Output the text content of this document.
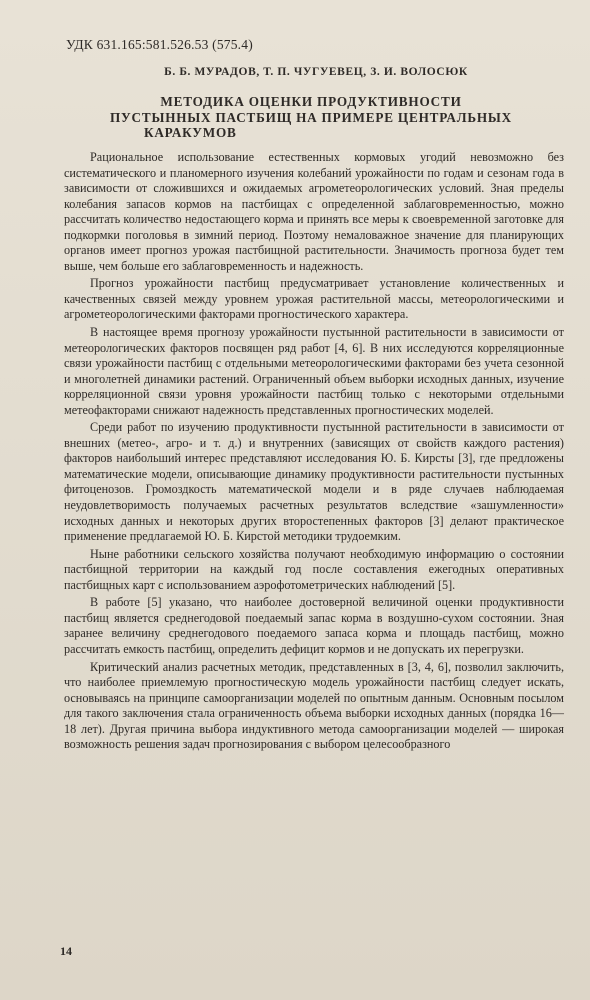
УДК 631.165:581.526.53 (575.4)
Б. Б. МУРАДОВ, Т. П. ЧУГУЕВЕЦ, З. И. ВОЛОСЮК
МЕТОДИКА ОЦЕНКИ ПРОДУКТИВНОСТИ
ПУСТЫННЫХ ПАСТБИЩ НА ПРИМЕРЕ ЦЕНТРАЛЬНЫХ
КАРАКУМОВ

Рациональное использование естественных кормовых угодий невозможно без систематического и планомерного изучения колебаний урожайности по годам и сезонам года в зависимости от сложившихся и ожидаемых агрометеорологических условий. Зная пределы колебания запасов кормов на пастбищах с определенной заблаговременностью, можно рассчитать количество недостающего корма и принять все меры к своевременной заготовке для подкормки поголовья в зимний период. Поэтому немаловажное значение для планирующих органов имеет прогноз урожая пастбищной растительности. Значимость прогноза будет тем выше, чем больше его заблаговременность и надежность.

Прогноз урожайности пастбищ предусматривает установление количественных и качественных связей между уровнем урожая растительной массы, метеорологическими и агрометеорологическими факторами прогностического характера.

В настоящее время прогнозу урожайности пустынной растительности в зависимости от метеорологических факторов посвящен ряд работ [4, 6]. В них исследуются корреляционные связи урожайности пастбищ с отдельными метеорологическими факторами без учета сезонной и многолетней динамики растений. Ограниченный объем выборки исходных данных, изучение корреляционной связи уровня урожайности пастбищ только с некоторыми отдельными метеофакторами снижают надежность представленных прогностических моделей.

Среди работ по изучению продуктивности пустынной растительности в зависимости от внешних (метео-, агро- и т. д.) и внутренних (зависящих от свойств каждого растения) факторов наибольший интерес представляют исследования Ю. Б. Кирсты [3], где предложены математические модели, описывающие динамику продуктивности растительности пустынных фитоценозов. Громоздкость математической модели и в ряде случаев наблюдаемая неудовлетворимость получаемых расчетных результатов вследствие «зашумленности» исходных данных и некоторых других второстепенных факторов [3] делают практическое применение предлагаемой Ю. Б. Кирстой методики трудоемким.

Ныне работники сельского хозяйства получают необходимую информацию о состоянии пастбищной территории на каждый год после составления ежегодных оперативных пастбищных карт с использованием аэрофотометрических наблюдений [5].

В работе [5] указано, что наиболее достоверной величиной оценки продуктивности пастбищ является среднегодовой поедаемый запас корма в воздушно-сухом состоянии. Зная заранее величину среднегодового поедаемого запаса корма и площадь пастбищ, можно рассчитать емкость пастбищ, определить дефицит кормов и не допускать их перегрузки.

Критический анализ расчетных методик, представленных в [3, 4, 6], позволил заключить, что наиболее приемлемую прогностическую модель урожайности пастбищ следует искать, основываясь на принципе самоорганизации моделей по опытным данным. Основным посылом для такого заключения стала ограниченность объема выборки исходных данных (порядка 16—18 лет). Другая причина выбора индуктивного метода самоорганизации моделей — широкая возможность решения задач прогнозирования с выбором целесообразного

14
